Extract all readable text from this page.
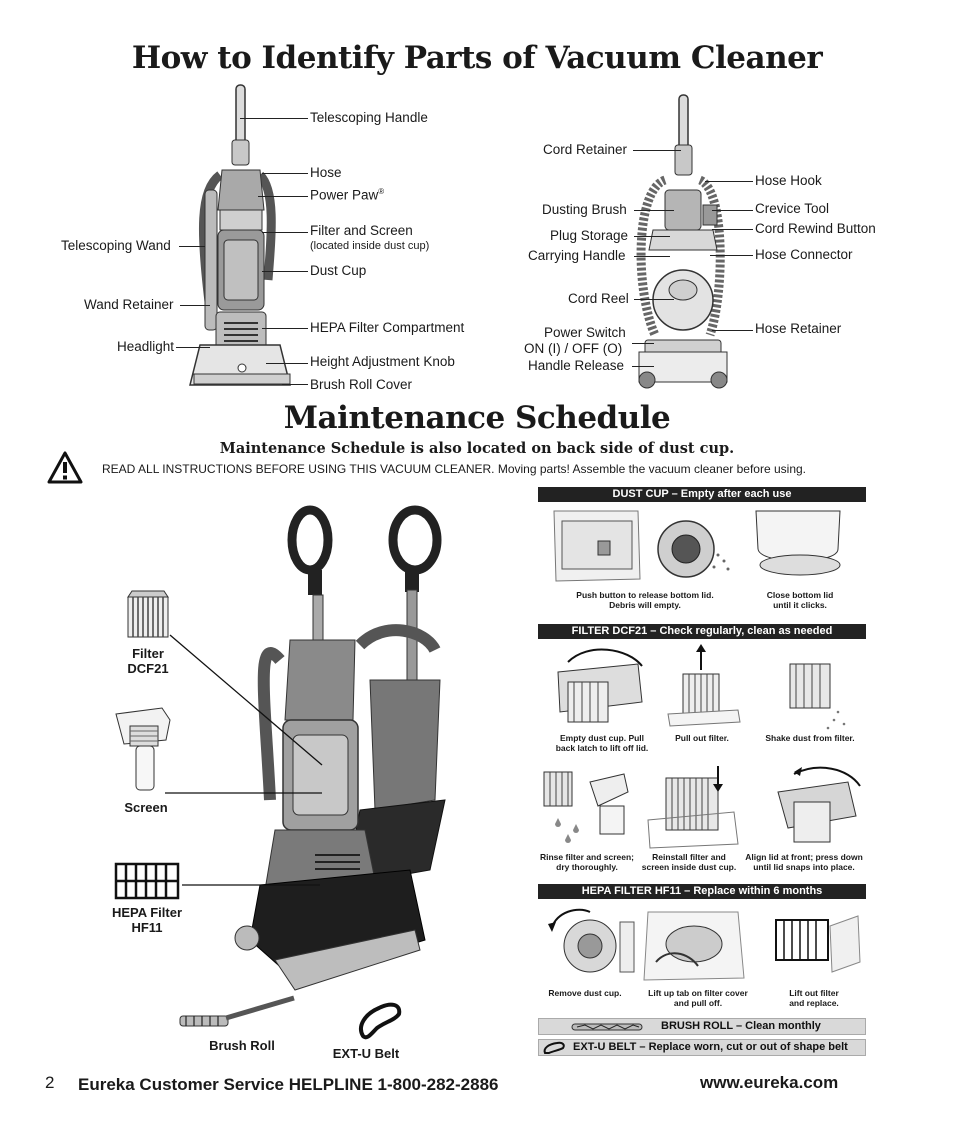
How to Identify Parts of Vacuum Cleaner
Telescoping Handle
Hose
Power Paw®
Filter and Screen
(located inside dust cup)
Dust Cup
HEPA Filter Compartment
Height Adjustment Knob
Brush Roll Cover
Telescoping Wand
Wand Retainer
Headlight
Cord Retainer
Dusting Brush
Plug Storage
Carrying Handle
Cord Reel
Power Switch
ON (I) / OFF (O)
Handle Release
Hose Hook
Crevice Tool
Cord Rewind Button
Hose Connector
Hose Retainer
Maintenance Schedule
Maintenance Schedule is also located on back side of dust cup.
READ ALL INSTRUCTIONS BEFORE USING THIS VACUUM CLEANER. Moving parts! Assemble the vacuum cleaner before using.
Filter
DCF21
Screen
HEPA Filter
HF11
Brush Roll
EXT-U Belt
DUST CUP – Empty after each use
Push button to release bottom lid.
Debris will empty.
Close bottom lid
until it clicks.
FILTER DCF21 – Check regularly, clean as needed
Empty dust cup. Pull
back latch to lift off lid.
Pull out filter.	Shake dust from filter.
Rinse filter and screen;
dry thoroughly.
Reinstall filter and
screen inside dust cup.
Align lid at front; press down
until lid snaps into place.
HEPA FILTER HF11 – Replace within 6 months
Remove dust cup.	Lift up tab on filter cover
and pull off.
Lift out filter
and replace.
BRUSH ROLL – Clean monthly
EXT-U BELT – Replace worn, cut or out of shape belt
2 Eureka Customer Service HELPLINE 1-800-282-2886	www.eureka.com
